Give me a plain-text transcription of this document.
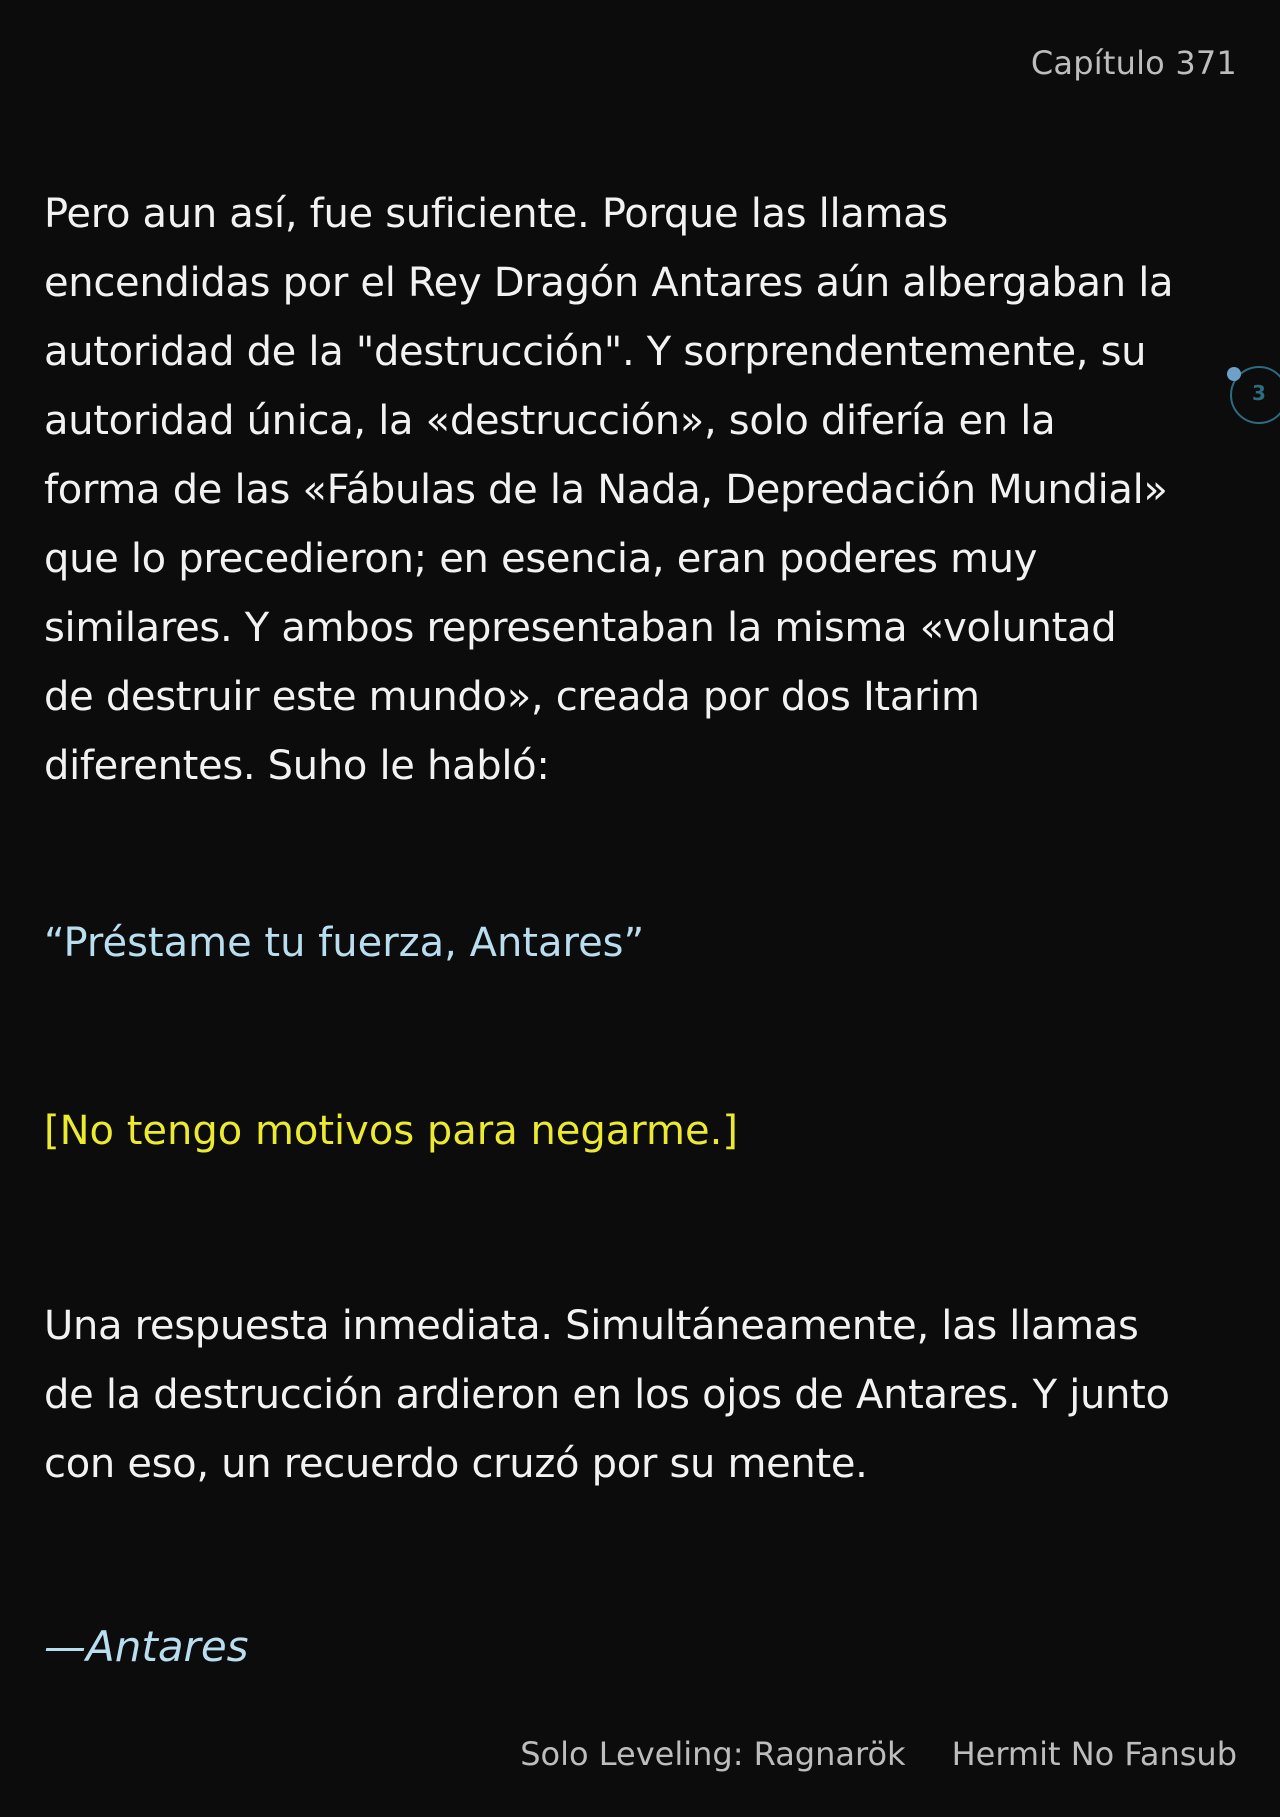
Capítulo 371
3

Pero aun así, fue suficiente. Porque las llamas
encendidas por el Rey Dragón Antares aún albergaban la
autoridad de la "destrucción". Y sorprendentemente, su
autoridad única, la «destrucción», solo difería en la
forma de las «Fábulas de la Nada, Depredación Mundial»
que lo precedieron; en esencia, eran poderes muy
similares. Y ambos representaban la misma «voluntad
de destruir este mundo», creada por dos Itarim
diferentes. Suho le habló:

“Préstame tu fuerza, Antares”
[No tengo motivos para negarme.]

Una respuesta inmediata. Simultáneamente, las llamas
de la destrucción ardieron en los ojos de Antares. Y junto
con eso, un recuerdo cruzó por su mente.

—Antares
Solo Leveling: Ragnarök Hermit No Fansub
